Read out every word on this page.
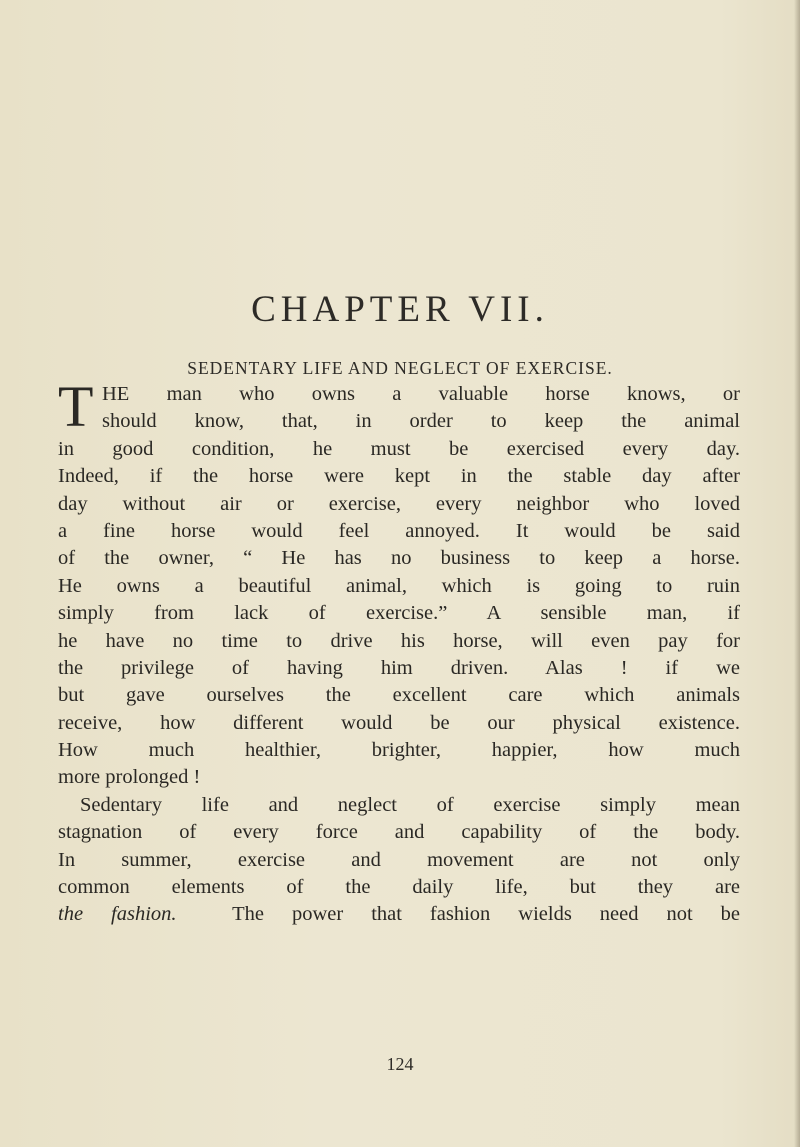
CHAPTER VII.
SEDENTARY LIFE AND NEGLECT OF EXERCISE.
T HE man who owns a valuable horse knows, or
should know, that, in order to keep the animal
in good condition, he must be exercised every day.
Indeed, if the horse were kept in the stable day after
day without air or exercise, every neighbor who loved
a fine horse would feel annoyed. It would be said
of the owner, “ He has no business to keep a horse.
He owns a beautiful animal, which is going to ruin
simply from lack of exercise.” A sensible man, if
he have no time to drive his horse, will even pay for
the privilege of having him driven. Alas ! if we
but gave ourselves the excellent care which animals
receive, how different would be our physical existence.
How much healthier, brighter, happier, how much
more prolonged !
Sedentary life and neglect of exercise simply mean
stagnation of every force and capability of the body.
In summer, exercise and movement are not only
common elements of the daily life, but they are
the fashion.	The power that fashion wields need not be
124
